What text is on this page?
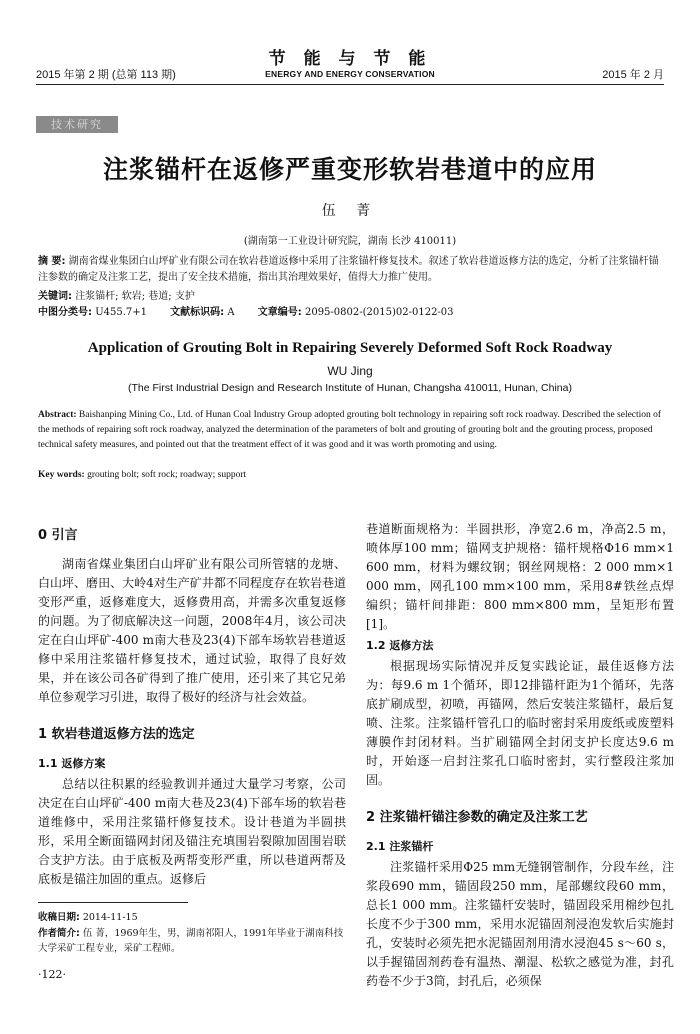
2015 年第 2 期 (总第 113 期)
节 能 与 节 能
ENERGY AND ENERGY CONSERVATION	2015 年 2 月
技术研究
注浆锚杆在返修严重变形软岩巷道中的应用
伍 菁
(湖南第一工业设计研究院，湖南 长沙 410011)
摘 要: 湖南省煤业集团白山坪矿业有限公司在软岩巷道返修中采用了注浆锚杆修复技术。叙述了软岩巷道返修方法的选定，分析了注浆锚杆锚注参数的确定及注浆工艺，提出了安全技术措施，指出其治理效果好，值得大力推广使用。
关键词: 注浆锚杆; 软岩; 巷道; 支护
中图分类号: U455.7+1 文献标识码: A 文章编号: 2095-0802-(2015)02-0122-03
Application of Grouting Bolt in Repairing Severely Deformed Soft Rock Roadway
WU Jing
(The First Industrial Design and Research Institute of Hunan, Changsha 410011, Hunan, China)
Abstract: Baishanping Mining Co., Ltd. of Hunan Coal Industry Group adopted grouting bolt technology in repairing soft rock roadway. Described the selection of the methods of repairing soft rock roadway, analyzed the determination of the parameters of bolt and grouting of grouting bolt and the grouting process, proposed technical safety measures, and pointed out that the treatment effect of it was good and it was worth promoting and using.
Key words: grouting bolt; soft rock; roadway; support
0 引言

湖南省煤业集团白山坪矿业有限公司所管辖的龙塘、白山坪、磨田、大岭4对生产矿井都不同程度存在软岩巷道变形严重，返修难度大，返修费用高，并需多次重复返修的问题。为了彻底解决这一问题，2008年4月，该公司决定在白山坪矿-400 m南大巷及23(4)下部车场软岩巷道返修中采用注浆锚杆修复技术，通过试验，取得了良好效果，并在该公司各矿得到了推广使用，还引来了其它兄弟单位参观学习引进，取得了极好的经济与社会效益。

1 软岩巷道返修方法的选定
1.1 返修方案

总结以往积累的经验教训并通过大量学习考察，公司决定在白山坪矿-400 m南大巷及23(4)下部车场的软岩巷道维修中，采用注浆锚杆修复技术。设计巷道为半圆拱形，采用全断面锚网封闭及锚注充填围岩裂隙加固围岩联合支护方法。由于底板及两帮变形严重，所以巷道两帮及底板是锚注加固的重点。返修后

巷道断面规格为：半圆拱形，净宽2.6 m，净高2.5 m，喷体厚100 mm；锚网支护规格：锚杆规格Φ16 mm×1 600 mm，材料为螺纹钢；钢丝网规格：2 000 mm×1 000 mm，网孔100 mm×100 mm，采用8#铁丝点焊编织；锚杆间排距：800 mm×800 mm，呈矩形布置[1]。

1.2 返修方法

根据现场实际情况并反复实践论证，最佳返修方法为：每9.6 m 1个循环，即12排锚杆距为1个循环，先落底扩刷成型，初喷，再锚网，然后安装注浆锚杆，最后复喷、注浆。注浆锚杆管孔口的临时密封采用废纸或废塑料薄膜作封闭材料。当扩刷锚网全封闭支护长度达9.6 m时，开始逐一启封注浆孔口临时密封，实行整段注浆加固。

2 注浆锚杆锚注参数的确定及注浆工艺
2.1 注浆锚杆

注浆锚杆采用Φ25 mm无缝钢管制作，分段车丝，注浆段690 mm，锚固段250 mm，尾部螺纹段60 mm，总长1 000 mm。注浆锚杆安装时，锚固段采用棉纱包扎长度不少于300 mm，采用水泥锚固剂浸泡发软后实施封孔，安装时必须先把水泥锚固剂用清水浸泡45 s～60 s，以手握锚固剂药卷有温热、潮湿、松软之感觉为准，封孔药卷不少于3筒，封孔后，必须保

收稿日期: 2014-11-15
作者简介: 伍 菁，1969年生，男，湖南祁阳人，1991年毕业于湖南科技大学采矿工程专业，采矿工程师。
·122·
